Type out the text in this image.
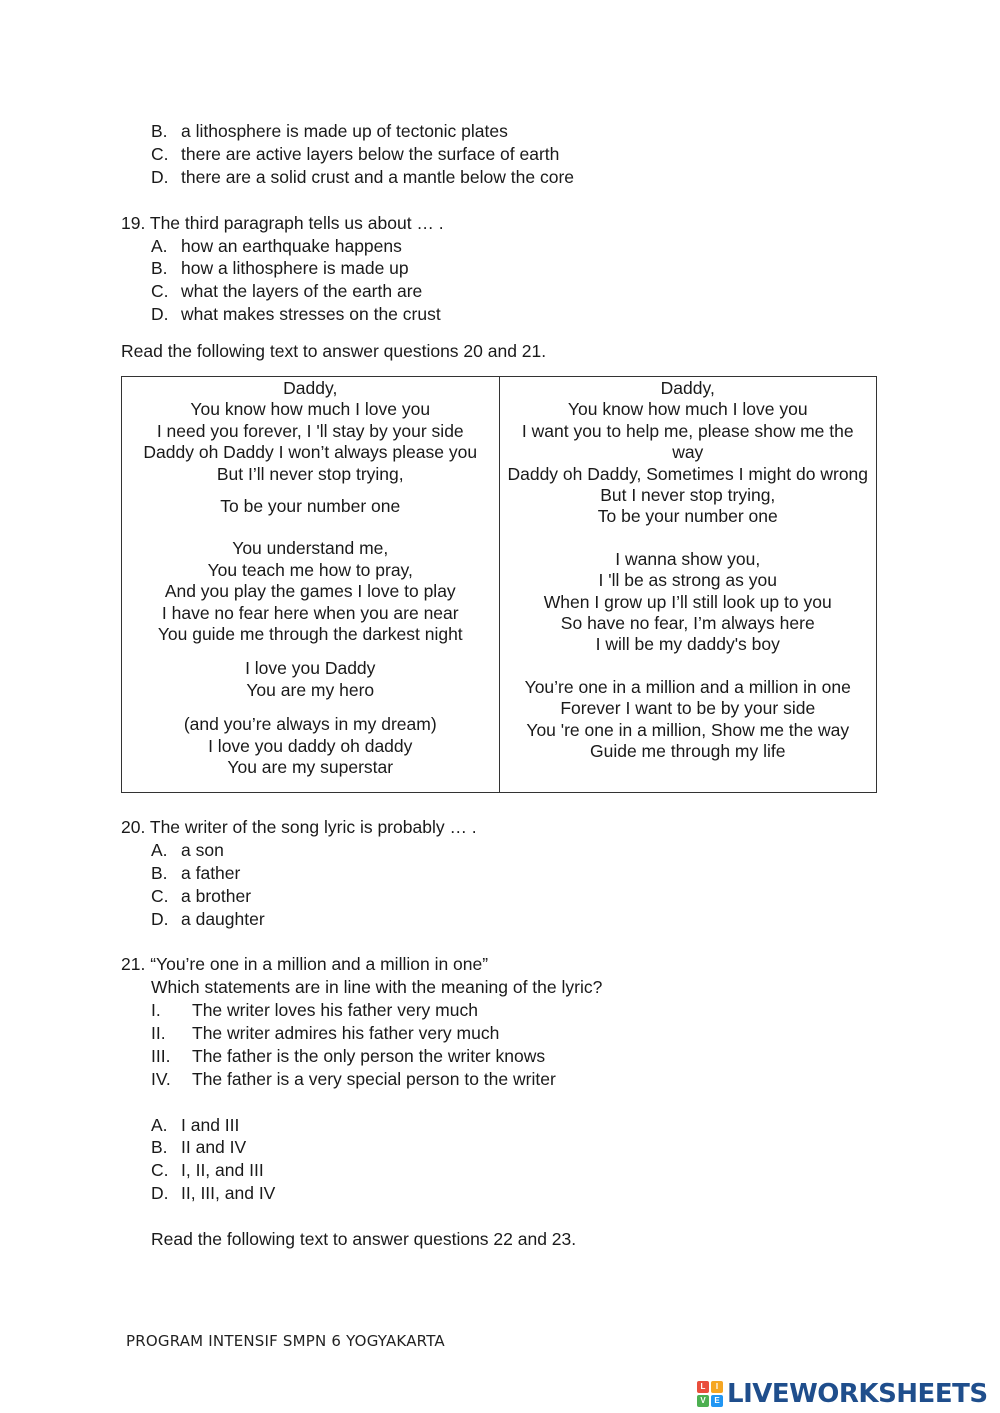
B. a lithosphere is made up of tectonic plates
C. there are active layers below the surface of earth
D. there are a solid crust and a mantle below the core
19. The third paragraph tells us about … .
A. how an earthquake happens
B. how a lithosphere is made up
C. what the layers of the earth are
D. what makes stresses on the crust
Read the following text to answer questions 20 and 21.
Daddy,
You know how much I love you
I need you forever, I 'll stay by your side
Daddy oh Daddy I won’t always please you
But I’ll never stop trying,
To be your number one
You understand me,
You teach me how to pray,
And you play the games I love to play
I have no fear here when you are near
You guide me through the darkest night
I love you Daddy
You are my hero
(and you’re always in my dream)
I love you daddy oh daddy
You are my superstar

Daddy,
You know how much I love you
I want you to help me, please show me the way
Daddy oh Daddy, Sometimes I might do wrong
But I never stop trying,
To be your number one
I wanna show you,
I 'll be as strong as you
When I grow up I’ll still look up to you
So have no fear, I’m always here
I will be my daddy's boy
You’re one in a million and a million in one
Forever I want to be by your side
You 're one in a million, Show me the way
Guide me through my life
20. The writer of the song lyric is probably … .
A. a son
B. a father
C. a brother
D. a daughter
21. “You’re one in a million and a million in one”
Which statements are in line with the meaning of the lyric?
I. The writer loves his father very much
II. The writer admires his father very much
III. The father is the only person the writer knows
IV. The father is a very special person to the writer
A. I and III
B. II and IV
C. I, II, and III
D. II, III, and IV
Read the following text to answer questions 22 and 23.
PROGRAM INTENSIF SMPN 6 YOGYAKARTA
L	I
V	E LIVEWORKSHEETS
